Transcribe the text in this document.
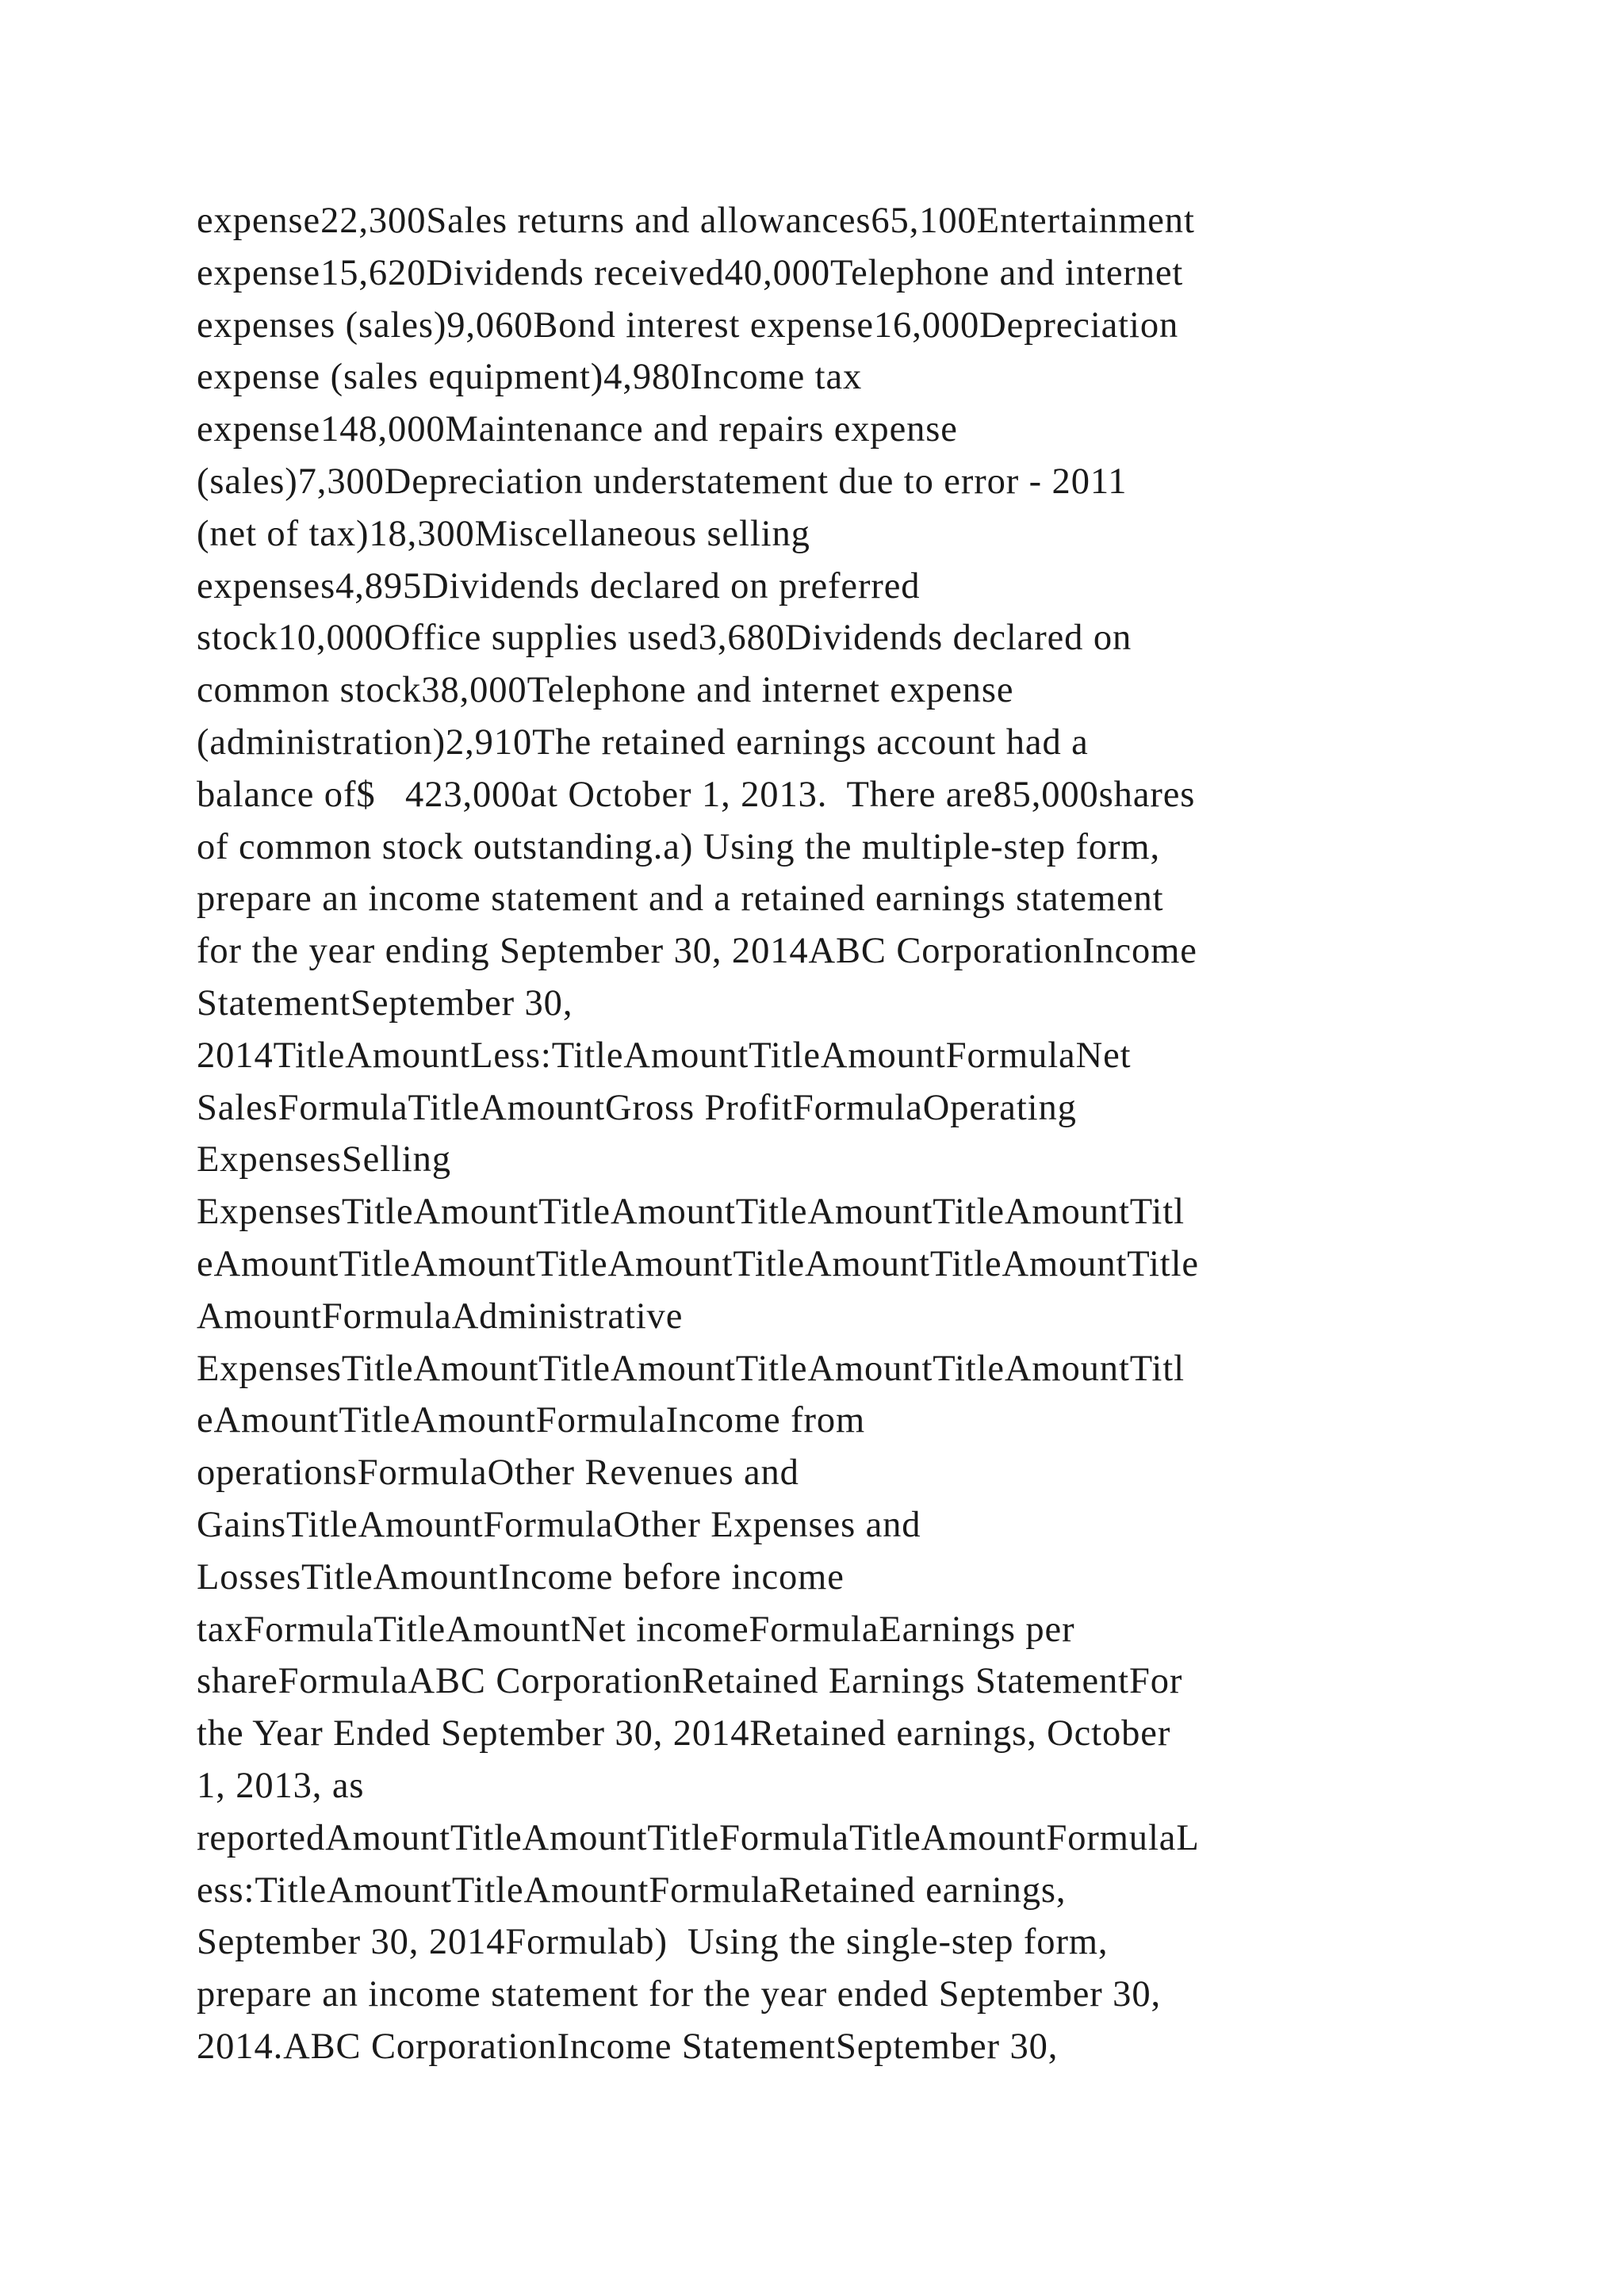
expense22,300Sales returns and allowances65,100Entertainment
expense15,620Dividends received40,000Telephone and internet
expenses (sales)9,060Bond interest expense16,000Depreciation
expense (sales equipment)4,980Income tax
expense148,000Maintenance and repairs expense
(sales)7,300Depreciation understatement due to error - 2011
(net of tax)18,300Miscellaneous selling
expenses4,895Dividends declared on preferred
stock10,000Office supplies used3,680Dividends declared on
common stock38,000Telephone and internet expense
(administration)2,910The retained earnings account had a
balance of$   423,000at October 1, 2013.  There are85,000shares
of common stock outstanding.a) Using the multiple-step form,
prepare an income statement and a retained earnings statement
for the year ending September 30, 2014ABC CorporationIncome
StatementSeptember 30,
2014TitleAmountLess:TitleAmountTitleAmountFormulaNet
SalesFormulaTitleAmountGross ProfitFormulaOperating
ExpensesSelling
ExpensesTitleAmountTitleAmountTitleAmountTitleAmountTitl
eAmountTitleAmountTitleAmountTitleAmountTitleAmountTitle
AmountFormulaAdministrative
ExpensesTitleAmountTitleAmountTitleAmountTitleAmountTitl
eAmountTitleAmountFormulaIncome from
operationsFormulaOther Revenues and
GainsTitleAmountFormulaOther Expenses and
LossesTitleAmountIncome before income
taxFormulaTitleAmountNet incomeFormulaEarnings per
shareFormulaABC CorporationRetained Earnings StatementFor
the Year Ended September 30, 2014Retained earnings, October
1, 2013, as
reportedAmountTitleAmountTitleFormulaTitleAmountFormulaL
ess:TitleAmountTitleAmountFormulaRetained earnings,
September 30, 2014Formulab)  Using the single-step form,
prepare an income statement for the year ended September 30,
2014.ABC CorporationIncome StatementSeptember 30,
